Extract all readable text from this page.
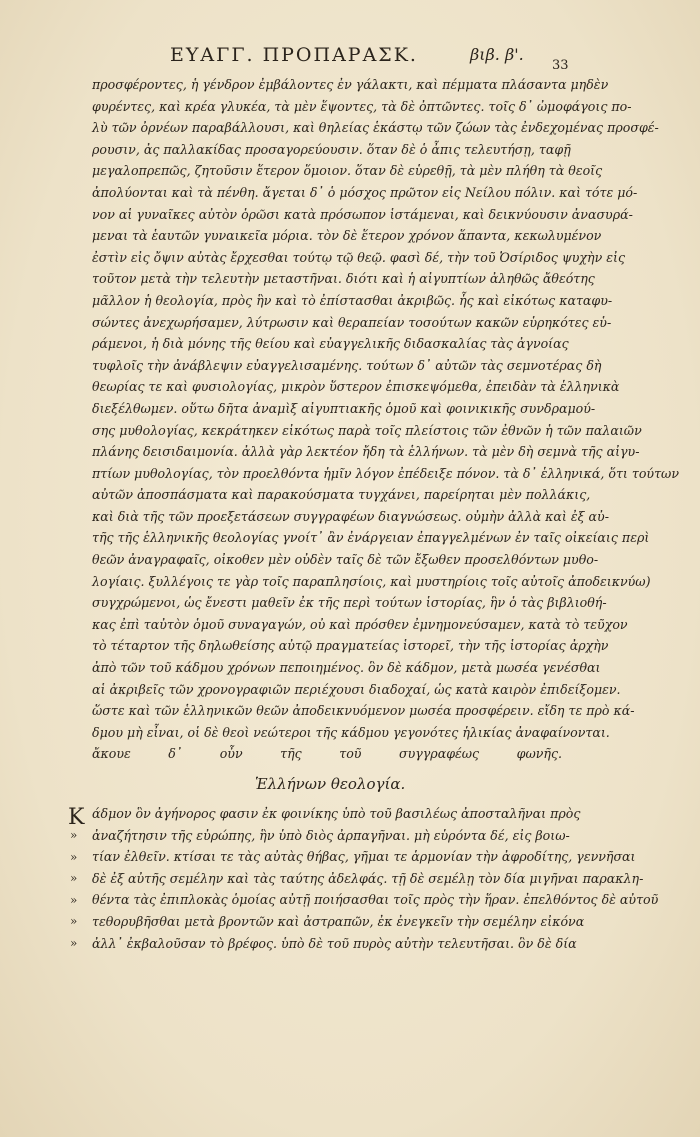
ΕΥΑΓΓ. ΠΡΟΠΑΡΑΣΚ.	βιβ. β'.
33
προσφέροντες, ἡ γένδρον ἐμβάλοντες ἐν γάλακτι, καὶ πέμματα πλάσαντα μηδὲν
φυρέντες, καὶ κρέα γλυκέα, τὰ μὲν ἕψοντες, τὰ δὲ ὀπτῶντες. τοῖς δ᾽ ὠμοφάγοις πο-
λὺ τῶν ὀρνέων παραβάλλουσι, καὶ θηλείας ἑκάστῳ τῶν ζώων τὰς ἐνδεχομένας προσφέ-
ρουσιν, ἀς παλλακίδας προσαγορεύουσιν. ὅταν δὲ ὁ ἆπις τελευτήσῃ, ταφῇ
μεγαλοπρεπῶς, ζητοῦσιν ἕτερον ὅμοιον. ὅταν δὲ εὑρεθῇ, τὰ μὲν πλήθη τὰ θεοῖς
ἀπολύονται καὶ τὰ πένθη. ἄγεται δ᾽ ὁ μόσχος πρῶτον εἰς Νείλου πόλιν. καὶ τότε μό-
νον αἱ γυναῖκες αὐτὸν ὁρῶσι κατὰ πρόσωπον ἱστάμεναι, καὶ δεικνύουσιν ἀνασυρά-
μεναι τὰ ἑαυτῶν γυναικεῖα μόρια. τὸν δὲ ἕτερον χρόνον ἅπαντα, κεκωλυμένον
ἐστὶν εἰς ὄψιν αὐτὰς ἔρχεσθαι τούτῳ τῷ θεῷ. φασὶ δέ, τὴν τοῦ Ὀσίριδος ψυχὴν εἰς
τοῦτον μετὰ τὴν τελευτὴν μεταστῆναι. διότι καὶ ἡ αἰγυπτίων ἀληθῶς ἄθεότης
μᾶλλον ἡ θεολογία, πρὸς ἣν καὶ τὸ ἐπίστασθαι ἀκριβῶς. ἧς καὶ εἰκότως καταφυ-
σώντες ἀνεχωρήσαμεν, λύτρωσιν καὶ θεραπείαν τοσούτων κακῶν εὑρηκότες εὑ-
ράμενοι, ἡ διὰ μόνης τῆς θείου καὶ εὐαγγελικῆς διδασκαλίας τὰς ἀγνοίας
τυφλοῖς τὴν ἀνάβλεψιν εὐαγγελισαμένης. τούτων δ᾽ αὐτῶν τὰς σεμνοτέρας δὴ
θεωρίας τε καὶ φυσιολογίας, μικρὸν ὕστερον ἐπισκεψόμεθα, ἐπειδὰν τὰ ἑλληνικὰ
διεξέλθωμεν. οὕτω δῆτα ἀναμὶξ αἰγυπτιακῆς ὁμοῦ καὶ φοινικικῆς συνδραμού-
σης μυθολογίας, κεκράτηκεν εἰκότως παρὰ τοῖς πλείστοις τῶν ἐθνῶν ἡ τῶν παλαιῶν
πλάνης δεισιδαιμονία. ἀλλὰ γὰρ λεκτέον ἤδη τὰ ἑλλήνων. τὰ μὲν δὴ σεμνὰ τῆς αἰγυ-
πτίων μυθολογίας, τὸν προελθόντα ἡμῖν λόγον ἐπέδειξε πόνον. τὰ δ᾽ ἑλληνικά, ὅτι τούτων
αὐτῶν ἀποσπάσματα καὶ παρακούσματα τυγχάνει, παρείρηται μὲν πολλάκις,
καὶ διὰ τῆς τῶν προεξετάσεων συγγραφέων διαγνώσεως. οὐμὴν ἀλλὰ καὶ ἐξ αὐ-
τῆς τῆς ἑλληνικῆς θεολογίας γνοίτ᾽ ἂν ἐνάργειαν ἐπαγγελμένων ἐν ταῖς οἰκείαις περὶ
θεῶν ἀναγραφαῖς, οἰκοθεν μὲν οὐδὲν ταῖς δὲ τῶν ἔξωθεν προσελθόντων μυθο-
λογίαις. ξυλλέγοις τε γὰρ τοῖς παραπλησίοις, καὶ μυστηρίοις τοῖς αὐτοῖς ἀποδεικνύω)
συγχρώμενοι, ὡς ἔνεστι μαθεῖν ἐκ τῆς περὶ τούτων ἱστορίας, ἣν ὁ τὰς βιβλιοθή-
κας ἐπὶ ταὐτὸν ὁμοῦ συναγαγών, οὐ καὶ πρόσθεν ἐμνημονεύσαμεν, κατὰ τὸ τεῦχον
τὸ τέταρτον τῆς δηλωθείσης αὐτῷ πραγματείας ἱστορεῖ, τὴν τῆς ἱστορίας ἀρχὴν
ἀπὸ τῶν τοῦ κάδμου χρόνων πεποιημένος. ὃν δὲ κάδμον, μετὰ μωσέα γενέσθαι
αἱ ἀκριβεῖς τῶν χρονογραφιῶν περιέχουσι διαδοχαί, ὡς κατὰ καιρὸν ἐπιδείξομεν.
ὥστε καὶ τῶν ἑλληνικῶν θεῶν ἀποδεικνυόμενον μωσέα προσφέρειν. εἴδη τε πρὸ κά-
δμου μὴ εἶναι, οἱ δὲ θεοὶ νεώτεροι τῆς κάδμου γεγονότες ἡλικίας ἀναφαίνονται.
ἄκουε δ᾽ οὖν τῆς τοῦ συγγραφέως φωνῆς.
Ἑλλήνων θεολογία.
Κ
»
»
»
»
»
»
άδμον ὃν ἀγήνορος φασιν ἐκ φοινίκης ὑπὸ τοῦ βασιλέως ἀποσταλῆναι πρὸς
ἀναζήτησιν τῆς εὐρώπης, ἣν ὑπὸ διὸς ἀρπαγῆναι. μὴ εὑρόντα δέ, εἰς βοιω-
τίαν ἐλθεῖν. κτίσαι τε τὰς αὐτὰς θήβας, γῆμαι τε ἁρμονίαν τὴν ἀφροδίτης, γεννῆσαι
δὲ ἐξ αὐτῆς σεμέλην καὶ τὰς ταύτης ἀδελφάς. τῇ δὲ σεμέλῃ τὸν δία μιγῆναι παρακλη-
θέντα τὰς ἐπιπλοκὰς ὁμοίας αὐτῇ ποιήσασθαι τοῖς πρὸς τὴν ἥραν. ἐπελθόντος δὲ αὐτοῦ
τεθορυβῆσθαι μετὰ βροντῶν καὶ ἀστραπῶν, ἐκ ἐνεγκεῖν τὴν σεμέλην εἰκόνα
ἀλλ᾽ ἐκβαλοῦσαν τὸ βρέφος. ὑπὸ δὲ τοῦ πυρὸς αὐτὴν τελευτῆσαι. ὃν δὲ δία
